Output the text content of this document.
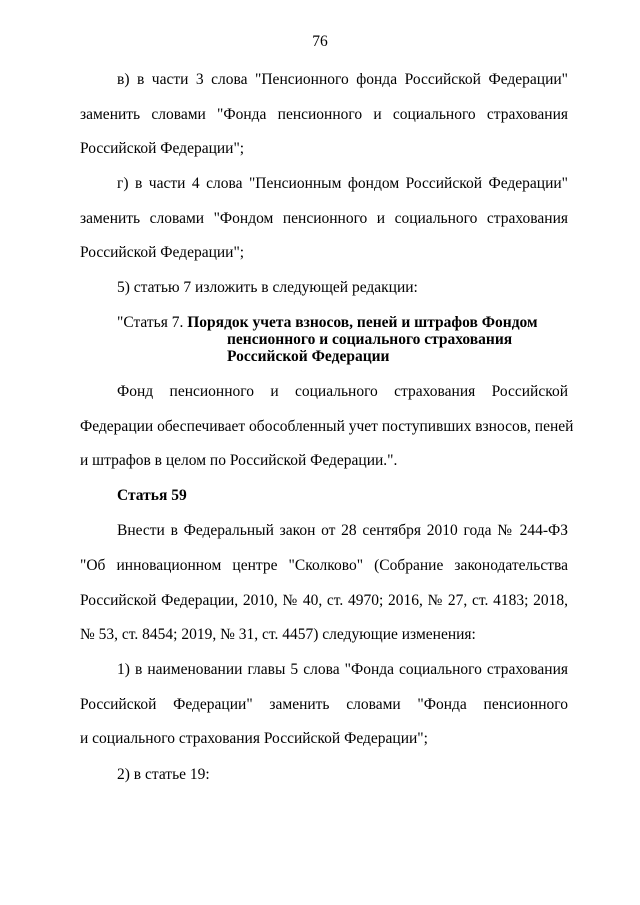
76
в) в части 3 слова "Пенсионного фонда Российской Федерации"
заменить словами "Фонда пенсионного и социального страхования
Российской Федерации";
г) в части 4 слова "Пенсионным фондом Российской Федерации"
заменить словами "Фондом пенсионного и социального страхования
Российской Федерации";
5) статью 7 изложить в следующей редакции:
"Статья 7. Порядок учета взносов, пеней и штрафов Фондом
пенсионного и социального страхования
Российской Федерации
Фонд пенсионного и социального страхования Российской
Федерации обеспечивает обособленный учет поступивших взносов, пеней
и штрафов в целом по Российской Федерации.".
Статья 59
Внести в Федеральный закон от 28 сентября 2010 года № 244-ФЗ
"Об инновационном центре "Сколково" (Собрание законодательства
Российской Федерации, 2010, № 40, ст. 4970; 2016, № 27, ст. 4183; 2018,
№ 53, ст. 8454; 2019, № 31, ст. 4457) следующие изменения:
1) в наименовании главы 5 слова "Фонда социального страхования
Российской Федерации" заменить словами "Фонда пенсионного
и социального страхования Российской Федерации";
2) в статье 19:
